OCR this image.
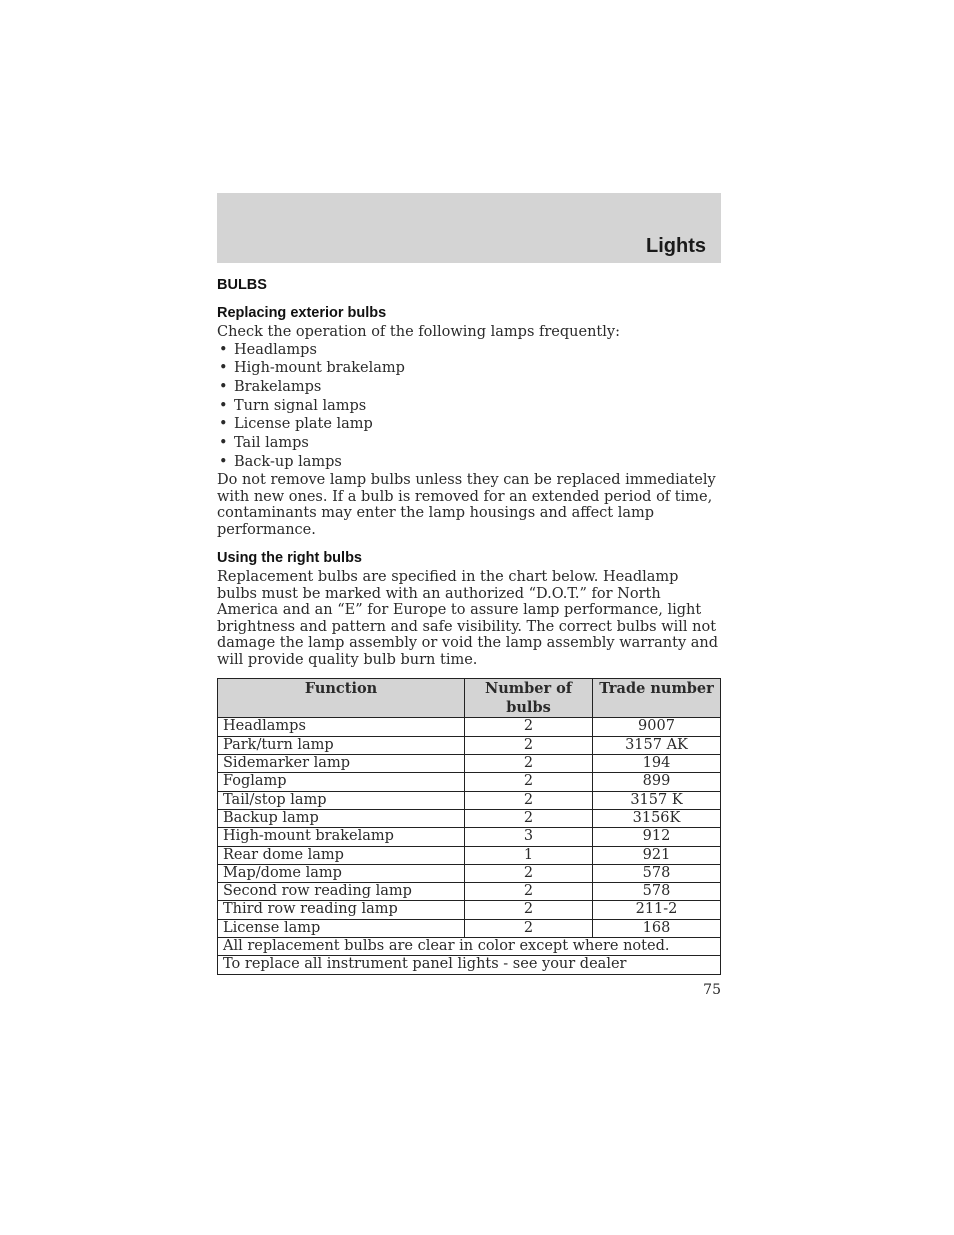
Lights
BULBS
Replacing exterior bulbs

Check the operation of the following lamps frequently:

• Headlamps
• High-mount brakelamp
• Brakelamps
• Turn signal lamps
• License plate lamp
• Tail lamps
• Back-up lamps

Do not remove lamp bulbs unless they can be replaced immediately with new ones. If a bulb is removed for an extended period of time, contaminants may enter the lamp housings and affect lamp performance.

Using the right bulbs

Replacement bulbs are specified in the chart below. Headlamp bulbs must be marked with an authorized “D.O.T.” for North America and an “E” for Europe to assure lamp performance, light brightness and pattern and safe visibility. The correct bulbs will not damage the lamp assembly or void the lamp assembly warranty and will provide quality bulb burn time.

Function	Number of bulbs	Trade number
Headlamps	2	9007
Park/turn lamp	2	3157 AK
Sidemarker lamp	2	194
Foglamp	2	899
Tail/stop lamp	2	3157 K
Backup lamp	2	3156K
High-mount brakelamp	3	912
Rear dome lamp	1	921
Map/dome lamp	2	578
Second row reading lamp	2	578
Third row reading lamp	2	211-2
License lamp	2	168
All replacement bulbs are clear in color except where noted.		
To replace all instrument panel lights - see your dealer		
75
